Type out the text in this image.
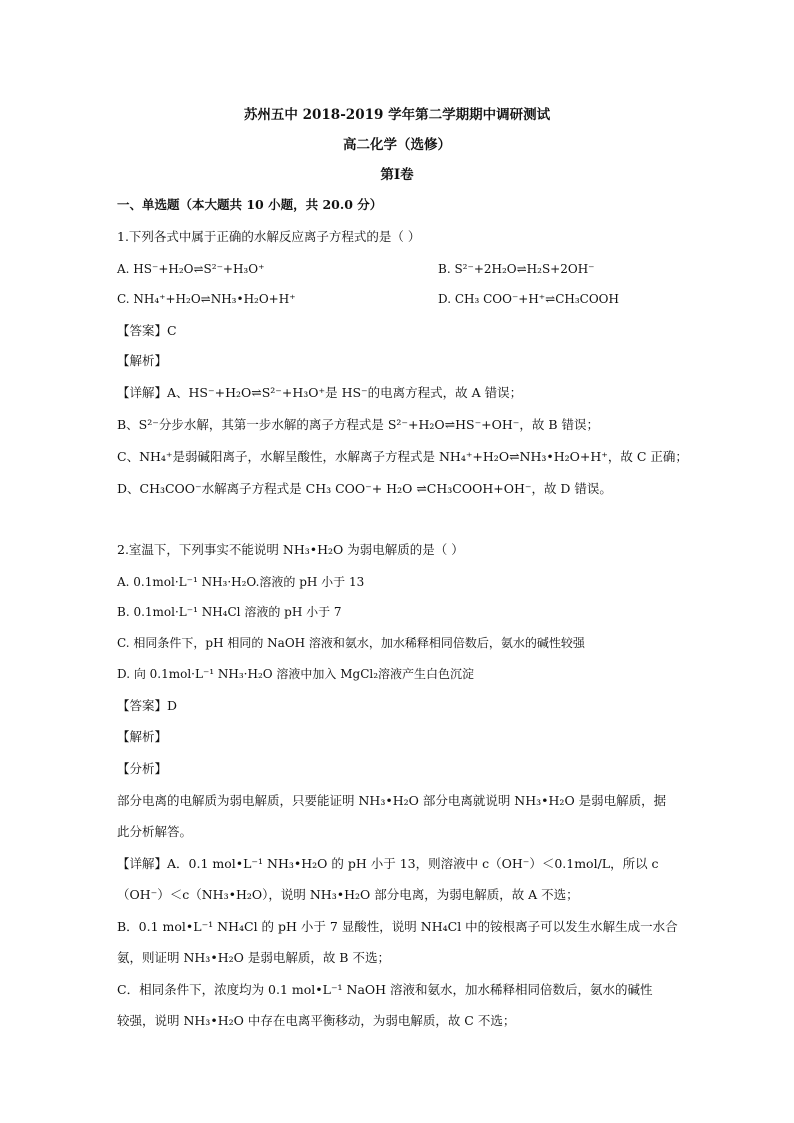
苏州五中 2018-2019 学年第二学期期中调研测试
高二化学（选修）
第Ⅰ卷
一、单选题（本大题共 10 小题，共 20.0 分）
1.下列各式中属于正确的水解反应离子方程式的是（ ）
A. HS⁻+H₂O⇌S²⁻+H₃O⁺	B. S²⁻+2H₂O⇌H₂S+2OH⁻
C. NH₄⁺+H₂O⇌NH₃•H₂O+H⁺	D. CH₃ COO⁻+H⁺⇌CH₃COOH
【答案】C
【解析】
【详解】A、HS⁻+H₂O⇌S²⁻+H₃O⁺是 HS⁻的电离方程式，故 A 错误；
B、S²⁻分步水解，其第一步水解的离子方程式是 S²⁻+H₂O⇌HS⁻+OH⁻，故 B 错误；
C、NH₄⁺是弱碱阳离子，水解呈酸性，水解离子方程式是 NH₄⁺+H₂O⇌NH₃•H₂O+H⁺，故 C 正确；
D、CH₃COO⁻水解离子方程式是 CH₃ COO⁻+ H₂O ⇌CH₃COOH+OH⁻，故 D 错误。
2.室温下，下列事实不能说明 NH₃•H₂O 为弱电解质的是（ ）
A. 0.1mol·L⁻¹ NH₃·H₂O.溶液的 pH 小于 13
B. 0.1mol·L⁻¹ NH₄Cl 溶液的 pH 小于 7
C. 相同条件下，pH 相同的 NaOH 溶液和氨水，加水稀释相同倍数后，氨水的碱性较强
D. 向 0.1mol·L⁻¹ NH₃·H₂O 溶液中加入 MgCl₂溶液产生白色沉淀
【答案】D
【解析】
【分析】
部分电离的电解质为弱电解质，只要能证明 NH₃•H₂O 部分电离就说明 NH₃•H₂O 是弱电解质，据
此分析解答。
【详解】A．0.1 mol•L⁻¹ NH₃•H₂O 的 pH 小于 13，则溶液中 c（OH⁻）＜0.1mol/L，所以 c
（OH⁻）＜c（NH₃•H₂O），说明 NH₃•H₂O 部分电离，为弱电解质，故 A 不选；
B．0.1 mol•L⁻¹ NH₄Cl 的 pH 小于 7 显酸性，说明 NH₄Cl 中的铵根离子可以发生水解生成一水合
氨，则证明 NH₃•H₂O 是弱电解质，故 B 不选；
C．相同条件下，浓度均为 0.1 mol•L⁻¹ NaOH 溶液和氨水，加水稀释相同倍数后，氨水的碱性
较强，说明 NH₃•H₂O 中存在电离平衡移动，为弱电解质，故 C 不选；
